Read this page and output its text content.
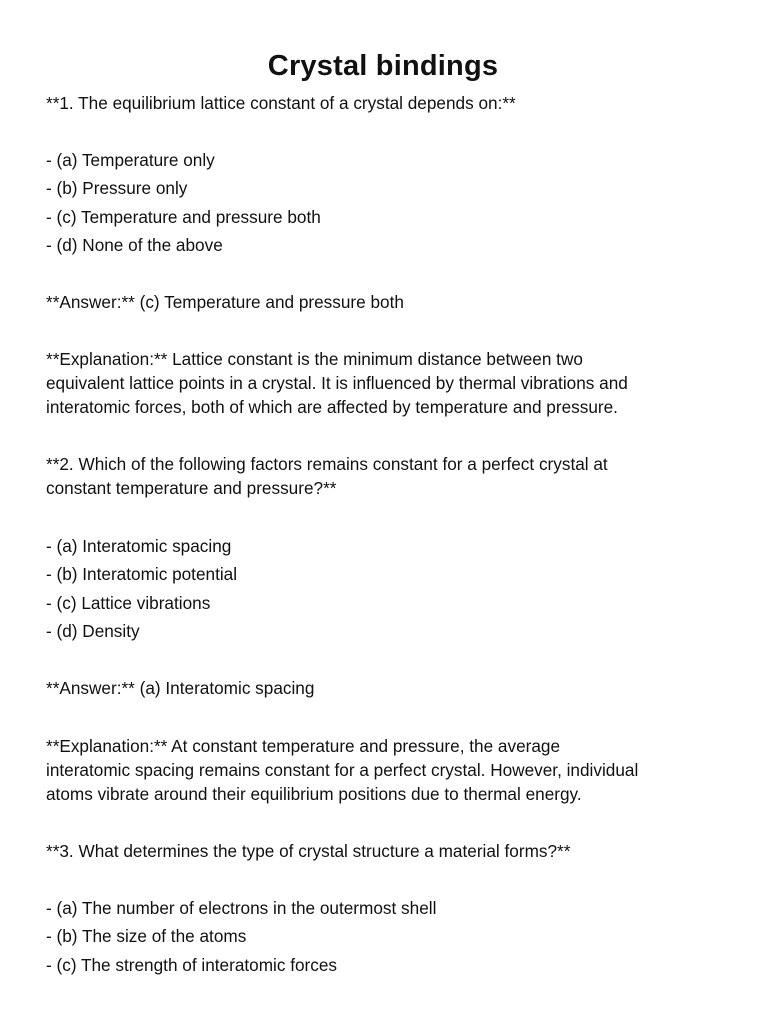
Crystal bindings
**1. The equilibrium lattice constant of a crystal depends on:**
- (a) Temperature only
- (b) Pressure only
- (c) Temperature and pressure both
- (d) None of the above
**Answer:** (c) Temperature and pressure both
**Explanation:** Lattice constant is the minimum distance between two
equivalent lattice points in a crystal. It is influenced by thermal vibrations and
interatomic forces, both of which are affected by temperature and pressure.
**2. Which of the following factors remains constant for a perfect crystal at
constant temperature and pressure?**
- (a) Interatomic spacing
- (b) Interatomic potential
- (c) Lattice vibrations
- (d) Density
**Answer:** (a) Interatomic spacing
**Explanation:** At constant temperature and pressure, the average
interatomic spacing remains constant for a perfect crystal. However, individual
atoms vibrate around their equilibrium positions due to thermal energy.
**3. What determines the type of crystal structure a material forms?**
- (a) The number of electrons in the outermost shell
- (b) The size of the atoms
- (c) The strength of interatomic forces
